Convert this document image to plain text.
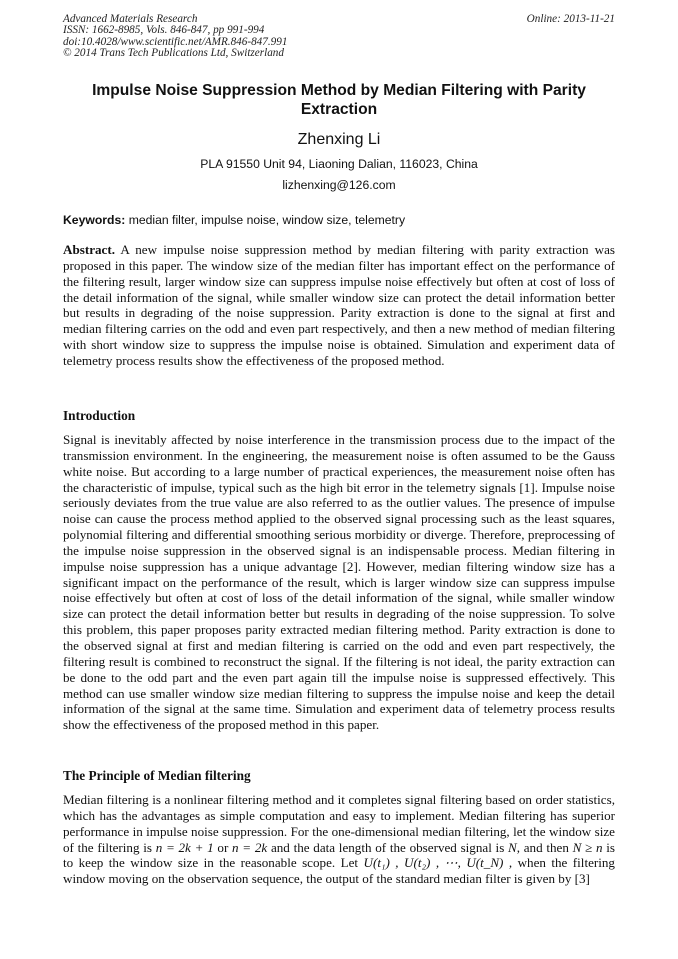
Advanced Materials Research
ISSN: 1662-8985, Vols. 846-847, pp 991-994
doi:10.4028/www.scientific.net/AMR.846-847.991
© 2014 Trans Tech Publications Ltd, Switzerland
Online: 2013-11-21
Impulse Noise Suppression Method by Median Filtering with Parity Extraction
Zhenxing Li
PLA 91550 Unit 94, Liaoning Dalian, 116023, China
lizhenxing@126.com
Keywords: median filter, impulse noise, window size, telemetry
Abstract. A new impulse noise suppression method by median filtering with parity extraction was proposed in this paper. The window size of the median filter has important effect on the performance of the filtering result, larger window size can suppress impulse noise effectively but often at cost of loss of the detail information of the signal, while smaller window size can protect the detail information better but results in degrading of the noise suppression. Parity extraction is done to the signal at first and median filtering carries on the odd and even part respectively, and then a new method of median filtering with short window size to suppress the impulse noise is obtained. Simulation and experiment data of telemetry process results show the effectiveness of the proposed method.
Introduction
Signal is inevitably affected by noise interference in the transmission process due to the impact of the transmission environment. In the engineering, the measurement noise is often assumed to be the Gauss white noise. But according to a large number of practical experiences, the measurement noise often has the characteristic of impulse, typical such as the high bit error in the telemetry signals [1]. Impulse noise seriously deviates from the true value are also referred to as the outlier values. The presence of impulse noise can cause the process method applied to the observed signal processing such as the least squares, polynomial filtering and differential smoothing serious morbidity or diverge. Therefore, preprocessing of the impulse noise suppression in the observed signal is an indispensable process. Median filtering in impulse noise suppression has a unique advantage [2]. However, median filtering window size has a significant impact on the performance of the result, which is larger window size can suppress impulse noise effectively but often at cost of loss of the detail information of the signal, while smaller window size can protect the detail information better but results in degrading of the noise suppression. To solve this problem, this paper proposes parity extracted median filtering method. Parity extraction is done to the observed signal at first and median filtering is carried on the odd and even part respectively, the filtering result is combined to reconstruct the signal. If the filtering is not ideal, the parity extraction can be done to the odd part and the even part again till the impulse noise is suppressed effectively. This method can use smaller window size median filtering to suppress the impulse noise and keep the detail information of the signal at the same time. Simulation and experiment data of telemetry process results show the effectiveness of the proposed method in this paper.
The Principle of Median filtering
Median filtering is a nonlinear filtering method and it completes signal filtering based on order statistics, which has the advantages as simple computation and easy to implement. Median filtering has superior performance in impulse noise suppression. For the one-dimensional median filtering, let the window size of the filtering is n = 2k + 1 or n = 2k and the data length of the observed signal is N, and then N ≥ n is to keep the window size in the reasonable scope. Let U(t₁) , U(t₂) , ⋯, U(t_N) , when the filtering window moving on the observation sequence, the output of the standard median filter is given by [3]
